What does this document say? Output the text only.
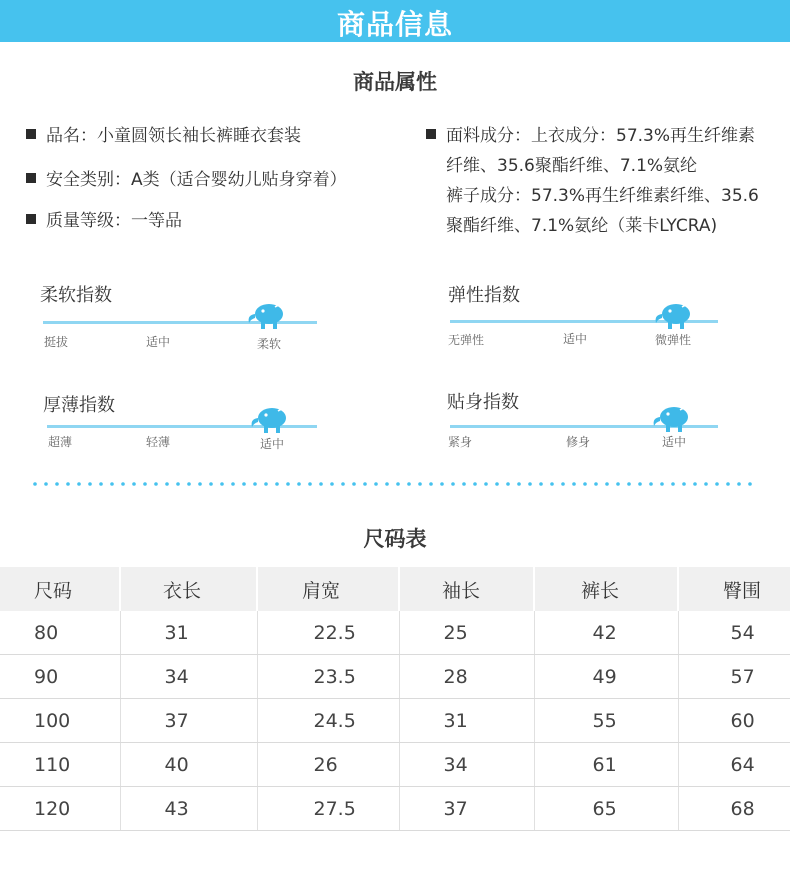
商品信息
商品属性
品名：小童圆领长袖长裤睡衣套装
安全类别：A类（适合婴幼儿贴身穿着）
质量等级：一等品
面料成分：上衣成分：57.3%再生纤维素
纤维、35.6聚酯纤维、7.1%氨纶
裤子成分：57.3%再生纤维素纤维、35.6
聚酯纤维、7.1%氨纶（莱卡LYCRA)
柔软指数
挺拔	适中	柔软
弹性指数
无弹性	适中	微弹性
厚薄指数
超薄	轻薄	适中
贴身指数
紧身	修身	适中
尺码表
尺码	衣长	肩宽	袖长	裤长	臀围
80	31	22.5	25	42	54
90	34	23.5	28	49	57
100	37	24.5	31	55	60
110	40	26	34	61	64
120	43	27.5	37	65	68
